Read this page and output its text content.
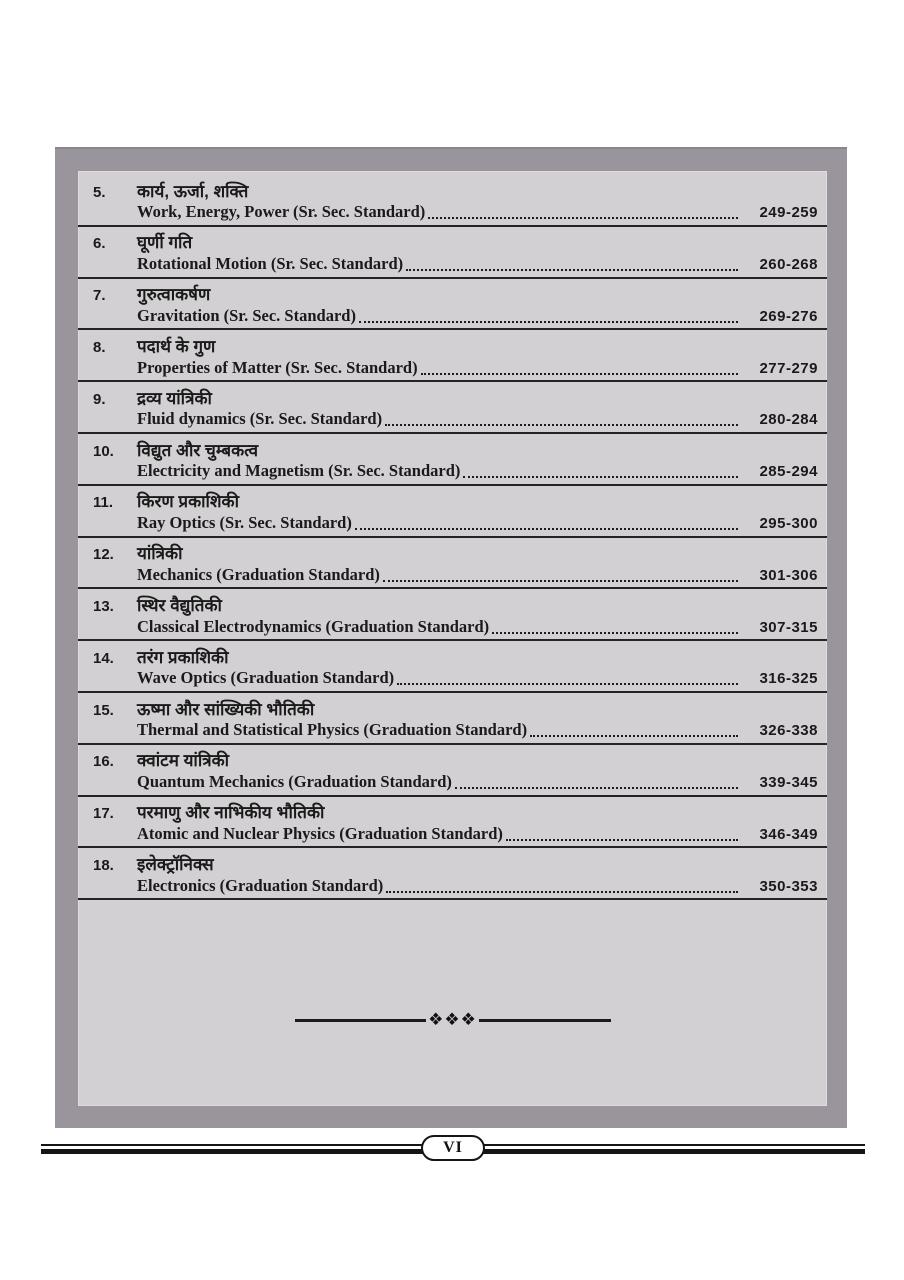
5.	कार्य, ऊर्जा, शक्ति
Work, Energy, Power (Sr. Sec. Standard)	249-259
6.	घूर्णी गति
Rotational Motion (Sr. Sec. Standard)	260-268
7.	गुरुत्वाकर्षण
Gravitation (Sr. Sec. Standard)	269-276
8.	पदार्थ के गुण
Properties of Matter (Sr. Sec. Standard)	277-279
9.	द्रव्य यांत्रिकी
Fluid dynamics (Sr. Sec. Standard)	280-284
10.	विद्युत और चुम्बकत्व
Electricity and Magnetism (Sr. Sec. Standard)	285-294
11.	किरण प्रकाशिकी
Ray Optics (Sr. Sec. Standard)	295-300
12.	यांत्रिकी
Mechanics (Graduation Standard)	301-306
13.	स्थिर वैद्युतिकी
Classical Electrodynamics (Graduation Standard)	307-315
14.	तरंग प्रकाशिकी
Wave Optics (Graduation Standard)	316-325
15.	ऊष्मा और सांख्यिकी भौतिकी
Thermal and Statistical Physics (Graduation Standard)	326-338
16.	क्वांटम यांत्रिकी
Quantum Mechanics (Graduation Standard)	339-345
17.	परमाणु और नाभिकीय भौतिकी
Atomic and Nuclear Physics (Graduation Standard)	346-349
18.	इलेक्ट्रॉनिक्स
Electronics (Graduation Standard)	350-353
❖❖❖
VI
